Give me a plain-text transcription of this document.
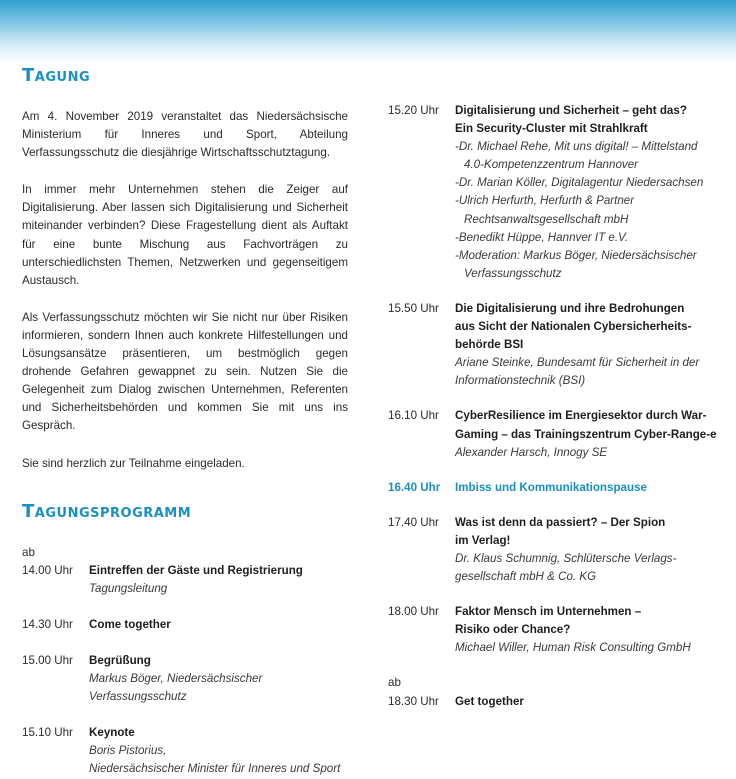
Tagung

Am 4. November 2019 veranstaltet das Niedersächsische Ministerium für Inneres und Sport, Abteilung Verfassungsschutz die diesjährige Wirtschaftsschutztagung.

In immer mehr Unternehmen stehen die Zeiger auf Digitalisierung. Aber lassen sich Digitalisierung und Sicherheit miteinander verbinden? Diese Fragestellung dient als Auftakt für eine bunte Mischung aus Fachvorträgen zu unterschiedlichsten Themen, Netzwerken und gegenseitigem Austausch.

Als Verfassungsschutz möchten wir Sie nicht nur über Risiken informieren, sondern Ihnen auch konkrete Hilfestellungen und Lösungsansätze präsentieren, um bestmöglich gegen drohende Gefahren gewappnet zu sein. Nutzen Sie die Gelegenheit zum Dialog zwischen Unternehmen, Referenten und Sicherheitsbehörden und kommen Sie mit uns ins Gespräch.

Sie sind herzlich zur Teilnahme eingeladen.

Tagungsprogramm
ab
14.00 Uhr	Eintreffen der Gäste und Registrierung
Tagungsleitung
14.30 Uhr	Come together
15.00 Uhr	Begrüßung
Markus Böger, Niedersächsischer Verfassungsschutz
15.10 Uhr	Keynote
Boris Pistorius,
Niedersächsischer Minister für Inneres und Sport
15.20 Uhr	Digitalisierung und Sicherheit – geht das?
Ein Security-Cluster mit Strahlkraft
-Dr. Michael Rehe, Mit uns digital! – Mittelstand 4.0-Kompetenzzentrum Hannover
-Dr. Marian Köller, Digitalagentur Niedersachsen
-Ulrich Herfurth, Herfurth & Partner Rechtsanwaltsgesellschaft mbH
-Benedikt Hüppe, Hannver IT e.V.
-Moderation: Markus Böger, Niedersächsischer Verfassungsschutz
15.50 Uhr	Die Digitalisierung und ihre Bedrohungen
aus Sicht der Nationalen Cybersicherheits-
behörde BSI
Ariane Steinke, Bundesamt für Sicherheit in der
Informationstechnik (BSI)
16.10 Uhr	CyberResilience im Energiesektor durch War-
Gaming – das Trainingszentrum Cyber-Range-e
Alexander Harsch, Innogy SE
16.40 Uhr	Imbiss und Kommunikationspause
17.40 Uhr	Was ist denn da passiert? – Der Spion
im Verlag!
Dr. Klaus Schumnig, Schlütersche Verlags-
gesellschaft mbH & Co. KG
18.00 Uhr	Faktor Mensch im Unternehmen –
Risiko oder Chance?
Michael Willer, Human Risk Consulting GmbH
ab
18.30 Uhr	Get together
